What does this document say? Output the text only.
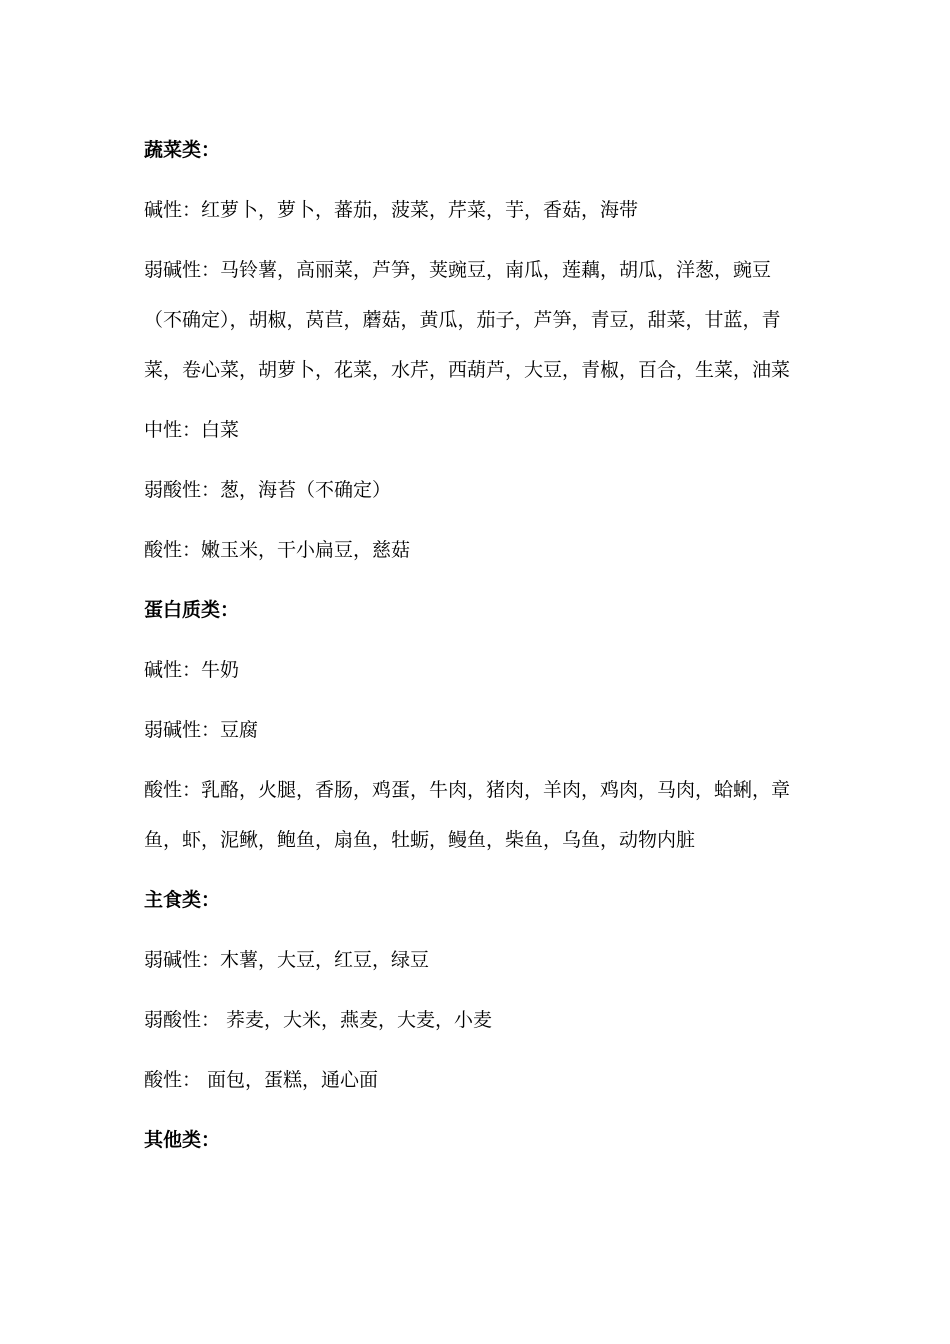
蔬菜类：

碱性：红萝卜，萝卜，蕃茄，菠菜，芹菜，芋，香菇，海带

弱碱性：马铃薯，高丽菜，芦笋，荚豌豆，南瓜，莲藕，胡瓜，洋葱，豌豆（不确定），胡椒，莴苣，蘑菇，黄瓜，茄子，芦笋，青豆，甜菜，甘蓝，青菜，卷心菜，胡萝卜，花菜，水芹，西葫芦，大豆，青椒，百合，生菜，油菜

中性：白菜

弱酸性：葱，海苔（不确定）

酸性：嫩玉米，干小扁豆，慈菇

蛋白质类：

碱性：牛奶

弱碱性：豆腐

酸性：乳酪，火腿，香肠，鸡蛋，牛肉，猪肉，羊肉，鸡肉，马肉，蛤蜊，章鱼，虾，泥鳅，鲍鱼，扇鱼，牡蛎，鳗鱼，柴鱼，乌鱼，动物内脏

主食类：

弱碱性：木薯，大豆，红豆，绿豆

弱酸性： 荞麦，大米，燕麦，大麦，小麦

酸性： 面包，蛋糕，通心面

其他类：
